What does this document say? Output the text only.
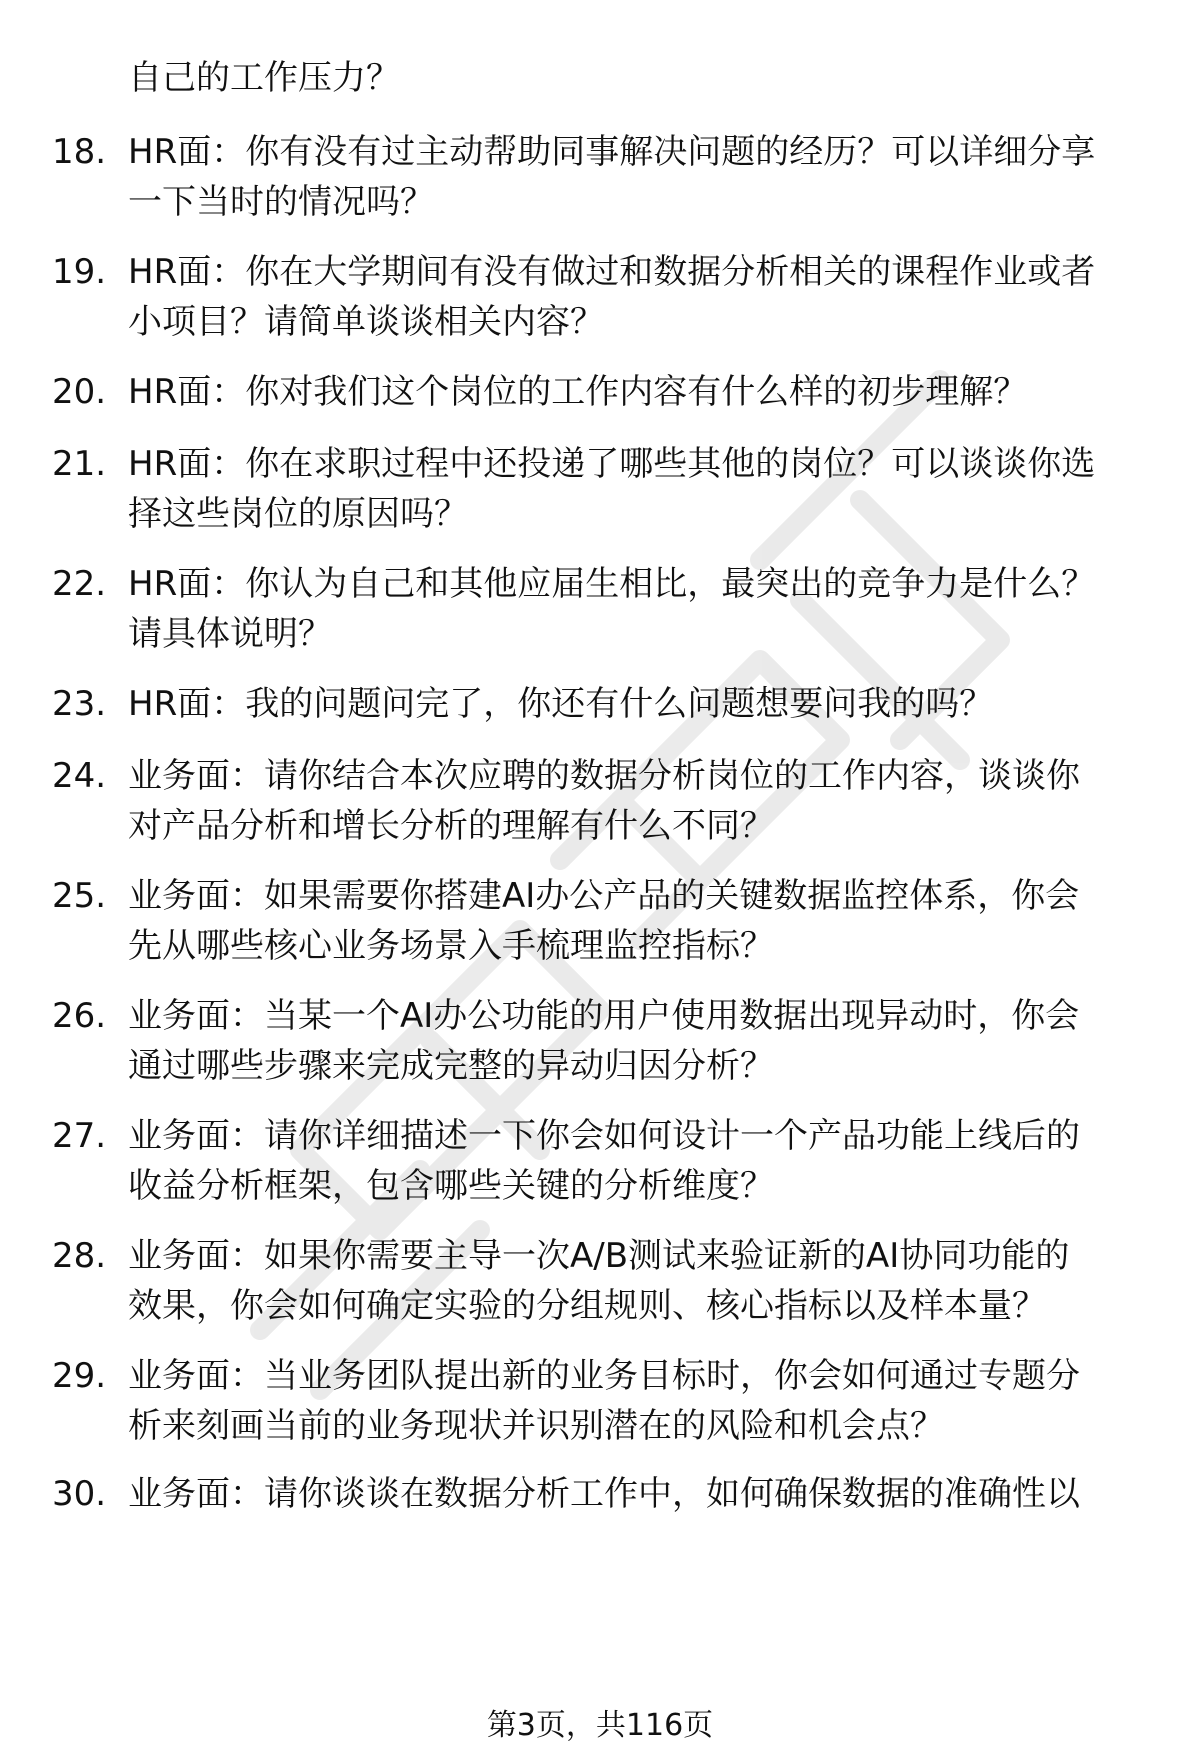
自己的工作压力？
18. HR面：你有没有过主动帮助同事解决问题的经历？可以详细分享
一下当时的情况吗？
19. HR面：你在大学期间有没有做过和数据分析相关的课程作业或者
小项目？请简单谈谈相关内容？
20. HR面：你对我们这个岗位的工作内容有什么样的初步理解？
21. HR面：你在求职过程中还投递了哪些其他的岗位？可以谈谈你选
择这些岗位的原因吗？
22. HR面：你认为自己和其他应届生相比，最突出的竞争力是什么？
请具体说明？
23. HR面：我的问题问完了，你还有什么问题想要问我的吗？
24. 业务面：请你结合本次应聘的数据分析岗位的工作内容，谈谈你
对产品分析和增长分析的理解有什么不同？
25. 业务面：如果需要你搭建AI办公产品的关键数据监控体系，你会
先从哪些核心业务场景入手梳理监控指标？
26. 业务面：当某一个AI办公功能的用户使用数据出现异动时，你会
通过哪些步骤来完成完整的异动归因分析？
27. 业务面：请你详细描述一下你会如何设计一个产品功能上线后的
收益分析框架，包含哪些关键的分析维度？
28. 业务面：如果你需要主导一次A/B测试来验证新的AI协同功能的
效果，你会如何确定实验的分组规则、核心指标以及样本量？
29. 业务面：当业务团队提出新的业务目标时，你会如何通过专题分
析来刻画当前的业务现状并识别潜在的风险和机会点？
30. 业务面：请你谈谈在数据分析工作中，如何确保数据的准确性以
第3页，共116页
